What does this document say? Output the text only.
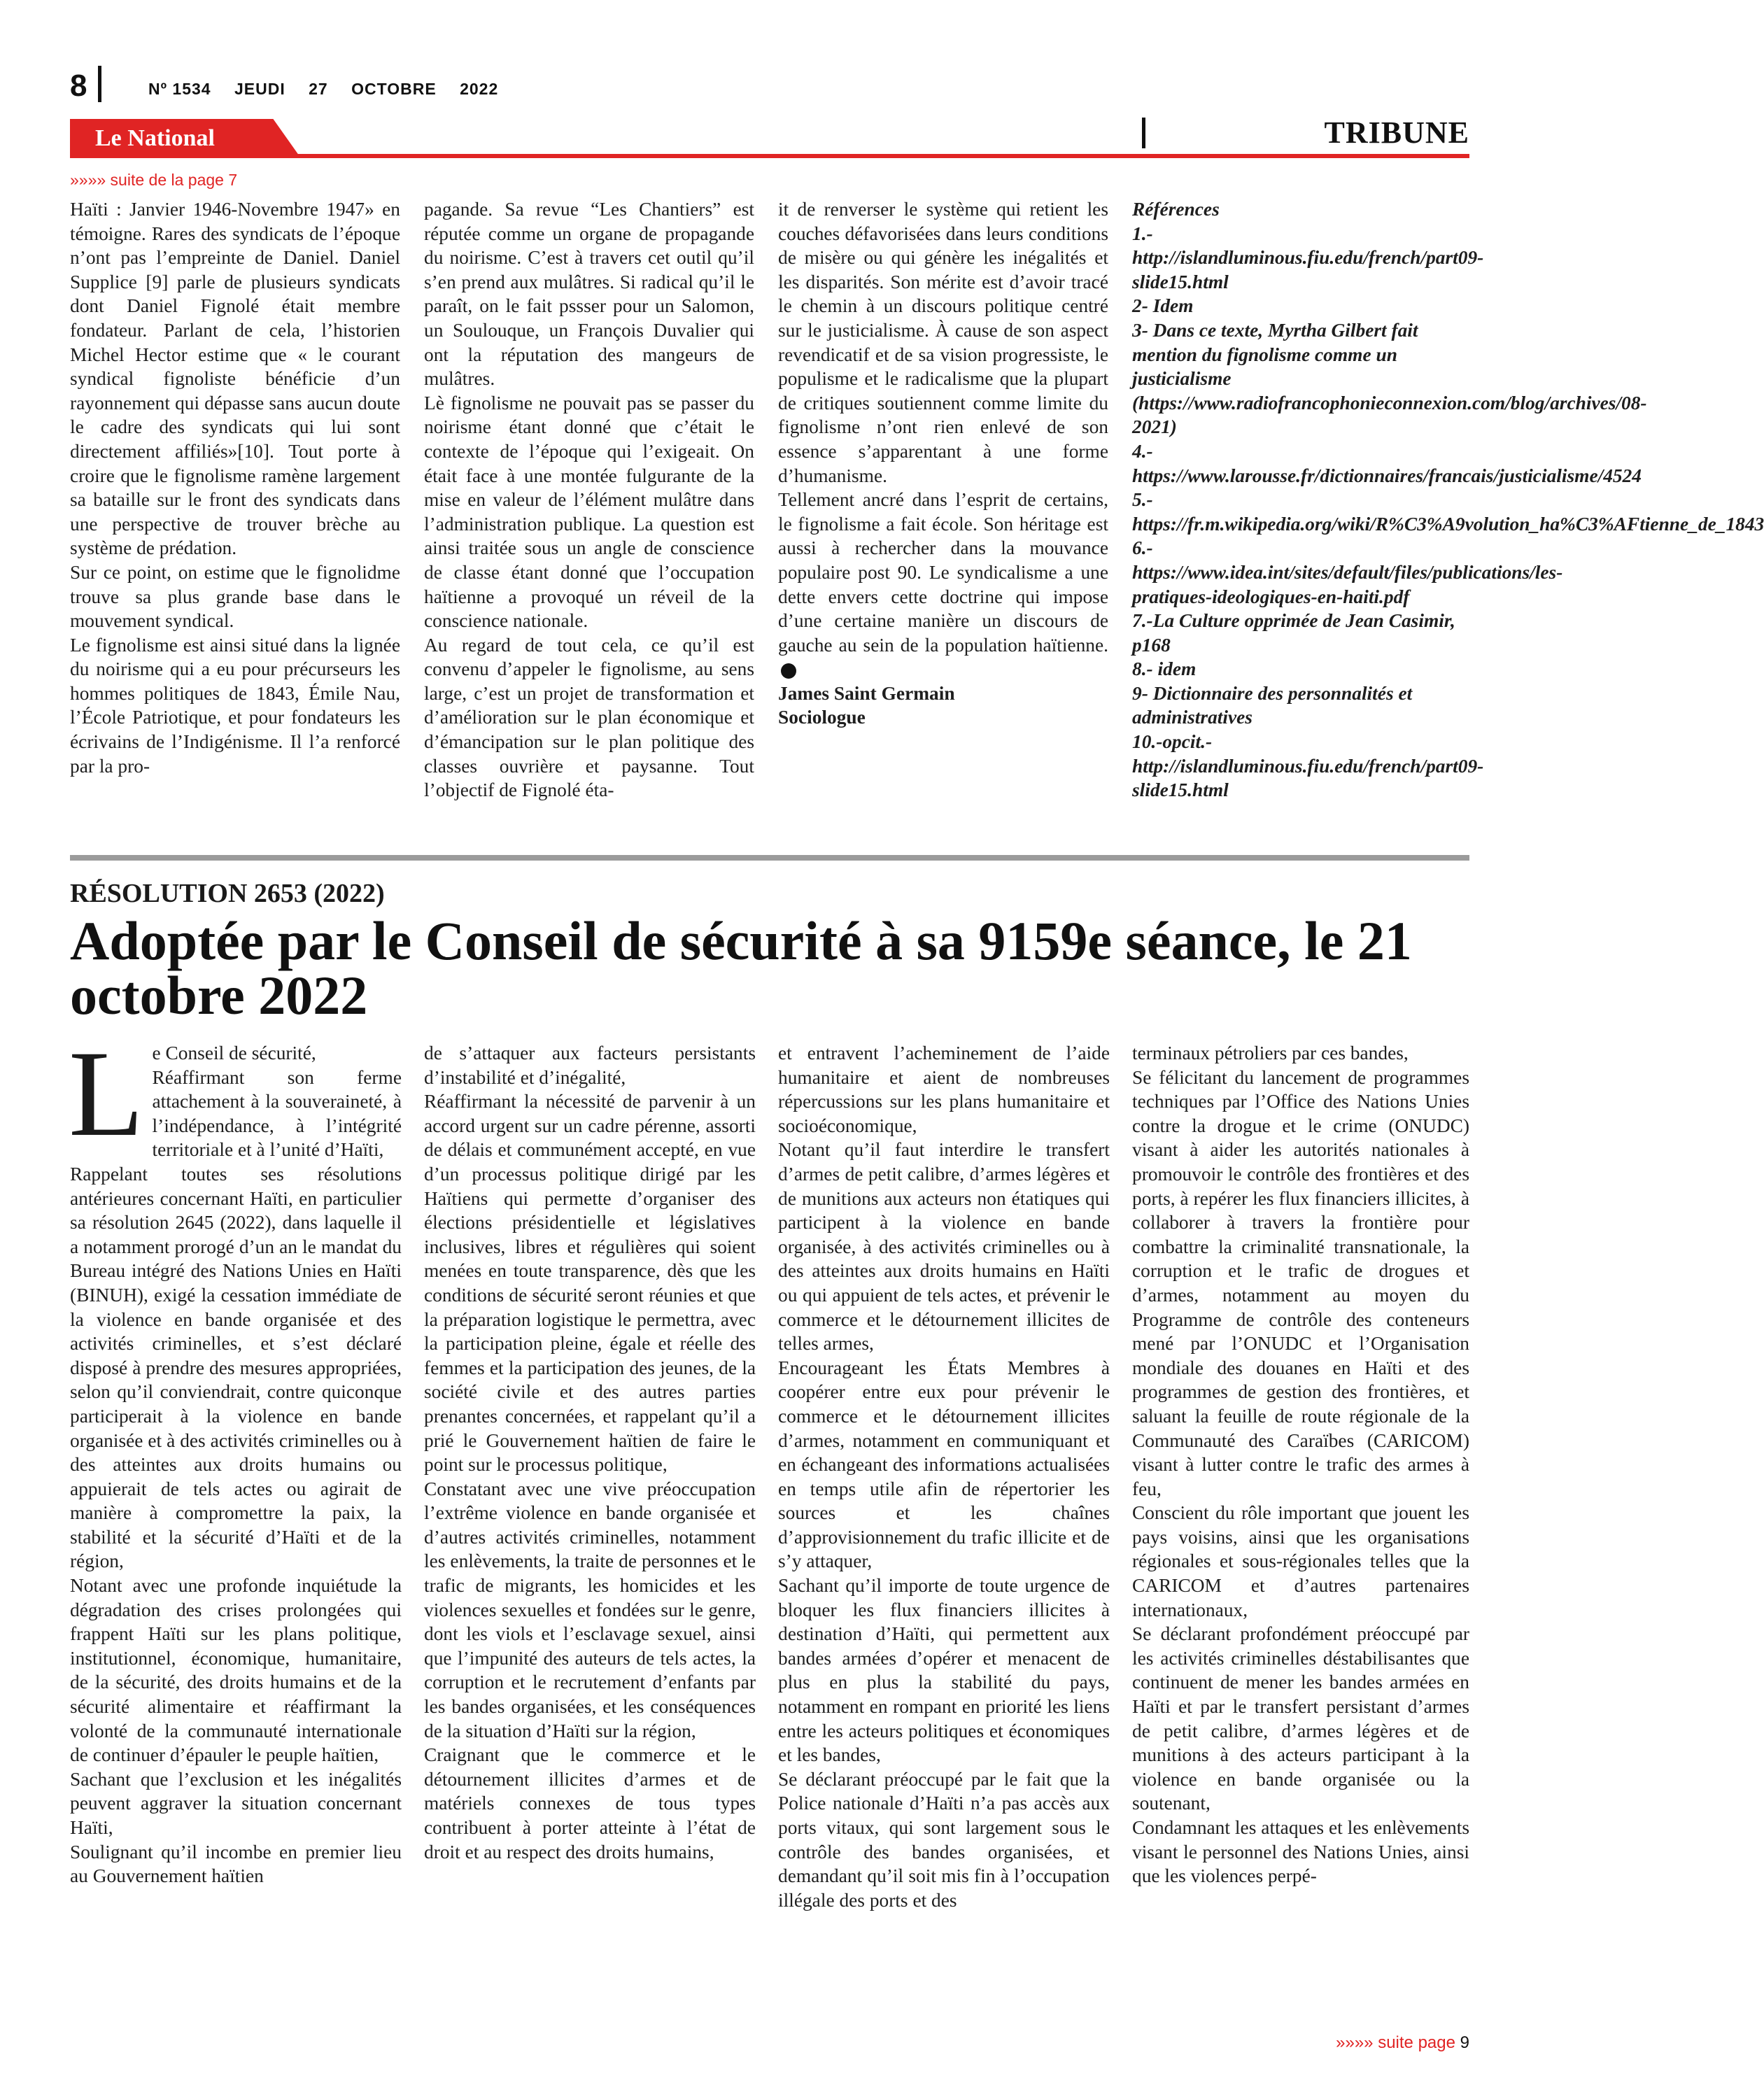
8	Nº 1534 JEUDI 27 OCTOBRE 2022
Le National	TRIBUNE
»»»» suite de la page 7

Haïti : Janvier 1946-Novembre 1947» en témoigne. Rares des syndicats de l’époque n’ont pas l’empreinte de Daniel. Daniel Supplice [9] parle de plusieurs syndicats dont Daniel Fignolé était membre fondateur. Parlant de cela, l’historien Michel Hector estime que « le courant syndical fignoliste bénéficie d’un rayonnement qui dépasse sans aucun doute le cadre des syndicats qui lui sont directement affiliés»[10]. Tout porte à croire que le fignolisme ramène largement sa bataille sur le front des syndicats dans une perspective de trouver brèche au système de prédation.

Sur ce point, on estime que le fignolidme trouve sa plus grande base dans le mouvement syndical.

Le fignolisme est ainsi situé dans la lignée du noirisme qui a eu pour précurseurs les hommes politiques de 1843, Émile Nau, l’École Patriotique, et pour fondateurs les écrivains de l’Indigénisme. Il l’a renforcé par la pro-

pagande. Sa revue “Les Chantiers” est réputée comme un organe de propagande du noirisme. C’est à travers cet outil qu’il s’en prend aux mulâtres. Si radical qu’il le paraît, on le fait pssser pour un Salomon, un Soulouque, un François Duvalier qui ont la réputation des mangeurs de mulâtres.

Lè fignolisme ne pouvait pas se passer du noirisme étant donné que c’était le contexte de l’époque qui l’exigeait. On était face à une montée fulgurante de la mise en valeur de l’élément mulâtre dans l’administration publique. La question est ainsi traitée sous un angle de conscience de classe étant donné que l’occupation haïtienne a provoqué un réveil de la conscience nationale.

Au regard de tout cela, ce qu’il est convenu d’appeler le fignolisme, au sens large, c’est un projet de transformation et d’amélioration sur le plan économique et d’émancipation sur le plan politique des classes ouvrière et paysanne. Tout l’objectif de Fignolé éta-

it de renverser le système qui retient les couches défavorisées dans leurs conditions de misère ou qui génère les inégalités et les disparités. Son mérite est d’avoir tracé le chemin à un discours politique centré sur le justicialisme. À cause de son aspect revendicatif et de sa vision progressiste, le populisme et le radicalisme que la plupart de critiques soutiennent comme limite du fignolisme n’ont rien enlevé de son essence s’apparentant à une forme d’humanisme.

Tellement ancré dans l’esprit de certains, le fignolisme a fait école. Son héritage est aussi à rechercher dans la mouvance populaire post 90. Le syndicalisme a une dette envers cette doctrine qui impose d’une certaine manière un discours de gauche au sein de la population haïtienne.

James Saint Germain
Sociologue

Références

1.-http://islandluminous.fiu.edu/french/part09-slide15.html

2- Idem

3- Dans ce texte, Myrtha Gilbert fait mention du fignolisme comme un justicialisme (https://www.radiofrancophonieconnexion.com/blog/archives/08-2021)

4.-https://www.larousse.fr/dictionnaires/francais/justicialisme/4524

5.-https://fr.m.wikipedia.org/wiki/R%C3%A9volution_ha%C3%AFtienne_de_1843

6.-https://www.idea.int/sites/default/files/publications/les-pratiques-ideologiques-en-haiti.pdf

7.-La Culture opprimée de Jean Casimir, p168

8.- idem

9- Dictionnaire des personnalités et administratives

10.-opcit.-http://islandluminous.fiu.edu/french/part09-slide15.html

RÉSOLUTION 2653 (2022)
Adoptée par le Conseil de sécurité à sa 9159e séance, le 21 octobre 2022
L e Conseil de sécurité,

Réaffirmant son ferme attachement à la souveraineté, à l’indépendance, à l’intégrité territoriale et à l’unité d’Haïti,

Rappelant toutes ses résolutions antérieures concernant Haïti, en particulier sa résolution 2645 (2022), dans laquelle il a notamment prorogé d’un an le mandat du Bureau intégré des Nations Unies en Haïti (BINUH), exigé la cessation immédiate de la violence en bande organisée et des activités criminelles, et s’est déclaré disposé à prendre des mesures appropriées, selon qu’il conviendrait, contre quiconque participerait à la violence en bande organisée et à des activités criminelles ou à des atteintes aux droits humains ou appuierait de tels actes ou agirait de manière à compromettre la paix, la stabilité et la sécurité d’Haïti et de la région,

Notant avec une profonde inquiétude la dégradation des crises prolongées qui frappent Haïti sur les plans politique, institutionnel, économique, humanitaire, de la sécurité, des droits humains et de la sécurité alimentaire et réaffirmant la volonté de la communauté internationale de continuer d’épauler le peuple haïtien,

Sachant que l’exclusion et les inégalités peuvent aggraver la situation concernant Haïti,

Soulignant qu’il incombe en premier lieu au Gouvernement haïtien

de s’attaquer aux facteurs persistants d’instabilité et d’inégalité,

Réaffirmant la nécessité de parvenir à un accord urgent sur un cadre pérenne, assorti de délais et communément accepté, en vue d’un processus politique dirigé par les Haïtiens qui permette d’organiser des élections présidentielle et législatives inclusives, libres et régulières qui soient menées en toute transparence, dès que les conditions de sécurité seront réunies et que la préparation logistique le permettra, avec la participation pleine, égale et réelle des femmes et la participation des jeunes, de la société civile et des autres parties prenantes concernées, et rappelant qu’il a prié le Gouvernement haïtien de faire le point sur le processus politique,

Constatant avec une vive préoccupation l’extrême violence en bande organisée et d’autres activités criminelles, notamment les enlèvements, la traite de personnes et le trafic de migrants, les homicides et les violences sexuelles et fondées sur le genre, dont les viols et l’esclavage sexuel, ainsi que l’impunité des auteurs de tels actes, la corruption et le recrutement d’enfants par les bandes organisées, et les conséquences de la situation d’Haïti sur la région,

Craignant que le commerce et le détournement illicites d’armes et de matériels connexes de tous types contribuent à porter atteinte à l’état de droit et au respect des droits humains,

et entravent l’acheminement de l’aide humanitaire et aient de nombreuses répercussions sur les plans humanitaire et socioéconomique,

Notant qu’il faut interdire le transfert d’armes de petit calibre, d’armes légères et de munitions aux acteurs non étatiques qui participent à la violence en bande organisée, à des activités criminelles ou à des atteintes aux droits humains en Haïti ou qui appuient de tels actes, et prévenir le commerce et le détournement illicites de telles armes,

Encourageant les États Membres à coopérer entre eux pour prévenir le commerce et le détournement illicites d’armes, notamment en communiquant et en échangeant des informations actualisées en temps utile afin de répertorier les sources et les chaînes d’approvisionnement du trafic illicite et de s’y attaquer,

Sachant qu’il importe de toute urgence de bloquer les flux financiers illicites à destination d’Haïti, qui permettent aux bandes armées d’opérer et menacent de plus en plus la stabilité du pays, notamment en rompant en priorité les liens entre les acteurs politiques et économiques et les bandes,

Se déclarant préoccupé par le fait que la Police nationale d’Haïti n’a pas accès aux ports vitaux, qui sont largement sous le contrôle des bandes organisées, et demandant qu’il soit mis fin à l’occupation illégale des ports et des

terminaux pétroliers par ces bandes,

Se félicitant du lancement de programmes techniques par l’Office des Nations Unies contre la drogue et le crime (ONUDC) visant à aider les autorités nationales à promouvoir le contrôle des frontières et des ports, à repérer les flux financiers illicites, à collaborer à travers la frontière pour combattre la criminalité transnationale, la corruption et le trafic de drogues et d’armes, notamment au moyen du Programme de contrôle des conteneurs mené par l’ONUDC et l’Organisation mondiale des douanes en Haïti et des programmes de gestion des frontières, et saluant la feuille de route régionale de la Communauté des Caraïbes (CARICOM) visant à lutter contre le trafic des armes à feu,

Conscient du rôle important que jouent les pays voisins, ainsi que les organisations régionales et sous-régionales telles que la CARICOM et d’autres partenaires internationaux,

Se déclarant profondément préoccupé par les activités criminelles déstabilisantes que continuent de mener les bandes armées en Haïti et par le transfert persistant d’armes de petit calibre, d’armes légères et de munitions à des acteurs participant à la violence en bande organisée ou la soutenant,

Condamnant les attaques et les enlèvements visant le personnel des Nations Unies, ainsi que les violences perpé-

»»»» suite page 9
